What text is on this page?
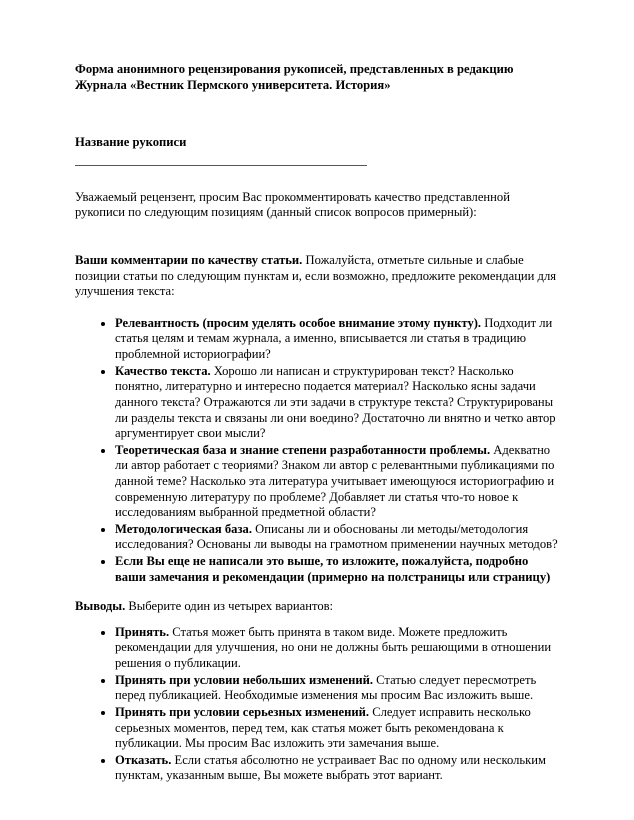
Форма анонимного рецензирования рукописей, представленных в редакцию Журнала «Вестник Пермского университета. История»

Название рукописи

Уважаемый рецензент, просим Вас прокомментировать качество представленной рукописи по следующим позициям (данный список вопросов примерный):

Ваши комментарии по качеству статьи. Пожалуйста, отметьте сильные и слабые позиции статьи по следующим пунктам и, если возможно, предложите рекомендации для улучшения текста:

• Релевантность (просим уделять особое внимание этому пункту). Подходит ли статья целям и темам журнала, а именно, вписывается ли статья в традицию проблемной историографии?
• Качество текста. Хорошо ли написан и структурирован текст? Насколько понятно, литературно и интересно подается материал? Насколько ясны задачи данного текста? Отражаются ли эти задачи в структуре текста? Структурированы ли разделы текста и связаны ли они воедино? Достаточно ли внятно и четко автор аргументирует свои мысли?
• Теоретическая база и знание степени разработанности проблемы. Адекватно ли автор работает с теориями? Знаком ли автор с релевантными публикациями по данной теме? Насколько эта литература учитывает имеющуюся историографию и современную литературу по проблеме? Добавляет ли статья что-то новое к исследованиям выбранной предметной области?
• Методологическая база. Описаны ли и обоснованы ли методы/методология исследования? Основаны ли выводы на грамотном применении научных методов?
• Если Вы еще не написали это выше, то изложите, пожалуйста, подробно ваши замечания и рекомендации (примерно на полстраницы или страницу)

Выводы. Выберите один из четырех вариантов:

• Принять. Статья может быть принята в таком виде. Можете предложить рекомендации для улучшения, но они не должны быть решающими в отношении решения о публикации.
• Принять при условии небольших изменений. Статью следует пересмотреть перед публикацией. Необходимые изменения мы просим Вас изложить выше.
• Принять при условии серьезных изменений. Следует исправить несколько серьезных моментов, перед тем, как статья может быть рекомендована к публикации. Мы просим Вас изложить эти замечания выше.
• Отказать. Если статья абсолютно не устраивает Вас по одному или нескольким пунктам, указанным выше, Вы можете выбрать этот вариант.
